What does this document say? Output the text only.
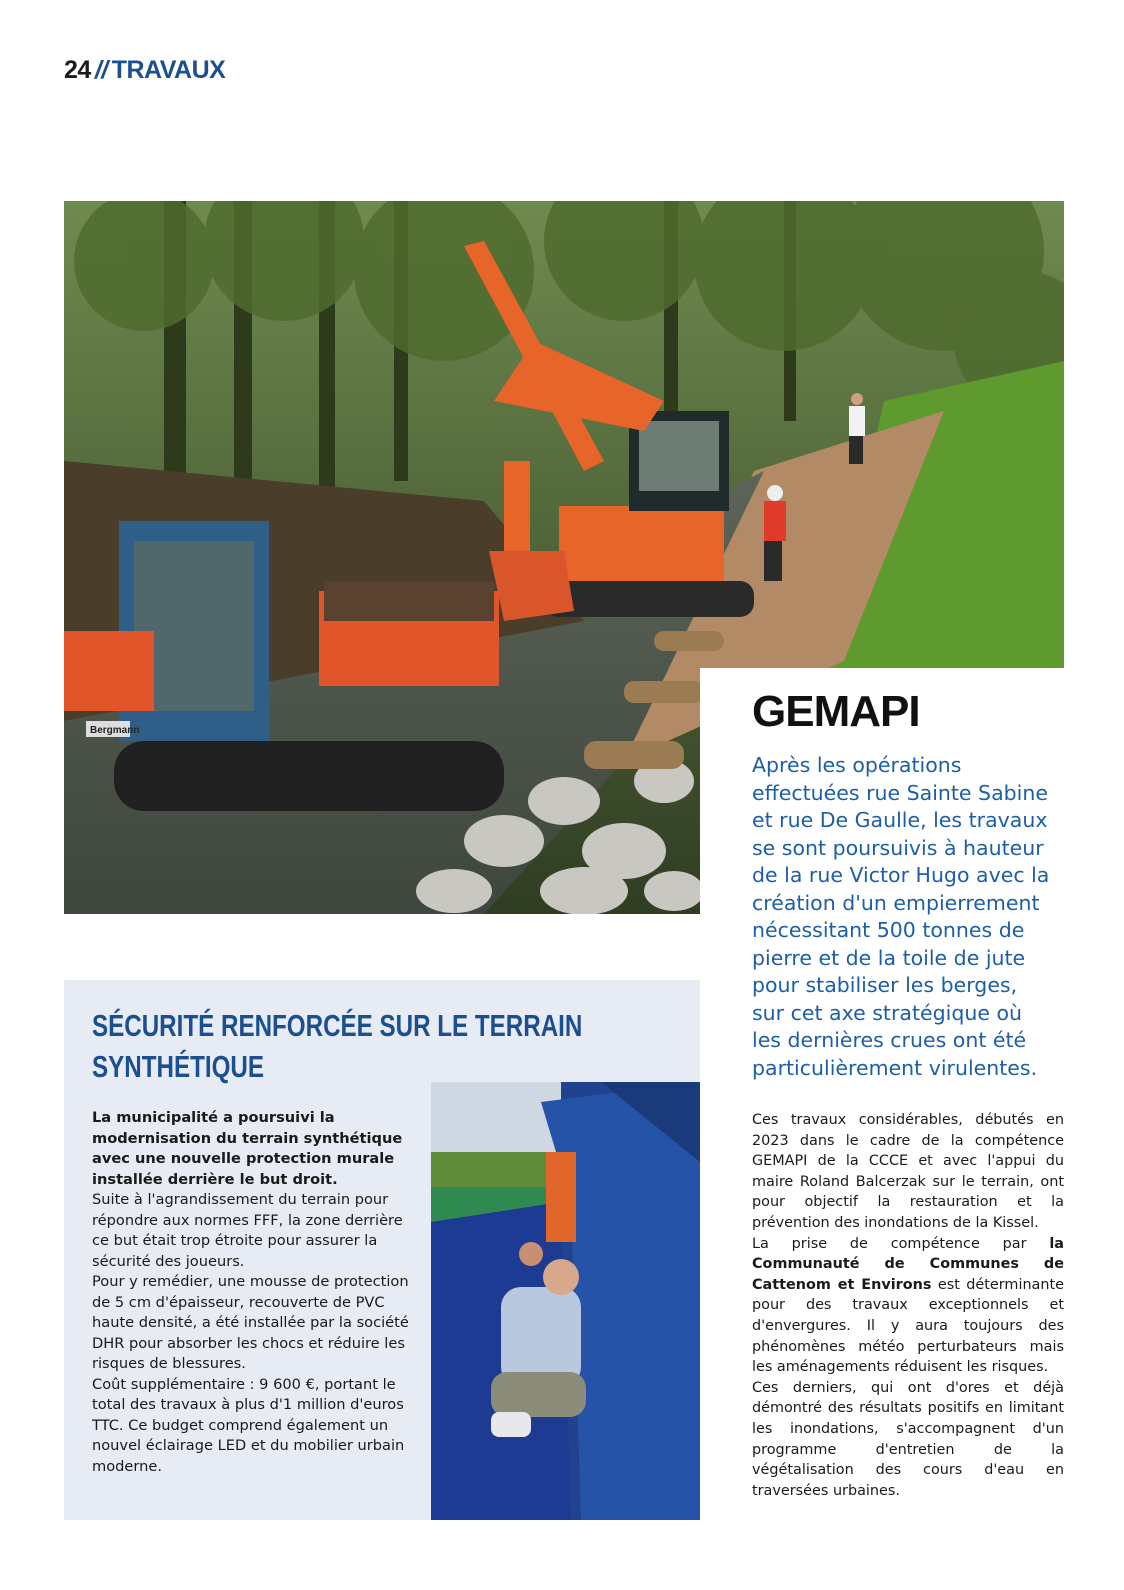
24 // TRAVAUX
Bergmann	GEMAPI
Après les opérations effectuées rue Sainte Sabine et rue De Gaulle, les travaux se sont poursuivis à hauteur de la rue Victor Hugo avec la création d'un empierrement nécessitant 500 tonnes de pierre et de la toile de jute pour stabiliser les berges, sur cet axe stratégique où les dernières crues ont été particulièrement virulentes.

Ces travaux considérables, débutés en 2023 dans le cadre de la compétence GEMAPI de la CCCE et avec l'appui du maire Roland Balcerzak sur le terrain, ont pour objectif la restauration et la prévention des inondations de la Kissel.

La prise de compétence par la Communauté de Communes de Cattenom et Environs est déterminante pour des travaux exceptionnels et d'envergures. Il y aura toujours des phénomènes météo perturbateurs mais les aménagements réduisent les risques.

Ces derniers, qui ont d'ores et déjà démontré des résultats positifs en limitant les inondations, s'accompagnent d'un programme d'entretien de la végétalisation des cours d'eau en traversées urbaines.

SÉCURITÉ RENFORCÉE SUR LE TERRAIN
SYNTHÉTIQUE

La municipalité a poursuivi la modernisation du terrain synthétique avec une nouvelle protection murale installée derrière le but droit.

Suite à l'agrandissement du terrain pour répondre aux normes FFF, la zone derrière ce but était trop étroite pour assurer la sécurité des joueurs.

Pour y remédier, une mousse de protection de 5 cm d'épaisseur, recouverte de PVC haute densité, a été installée par la société DHR pour absorber les chocs et réduire les risques de blessures.

Coût supplémentaire : 9 600 €, portant le total des travaux à plus d'1 million d'euros TTC. Ce budget comprend également un nouvel éclairage LED et du mobilier urbain moderne.
